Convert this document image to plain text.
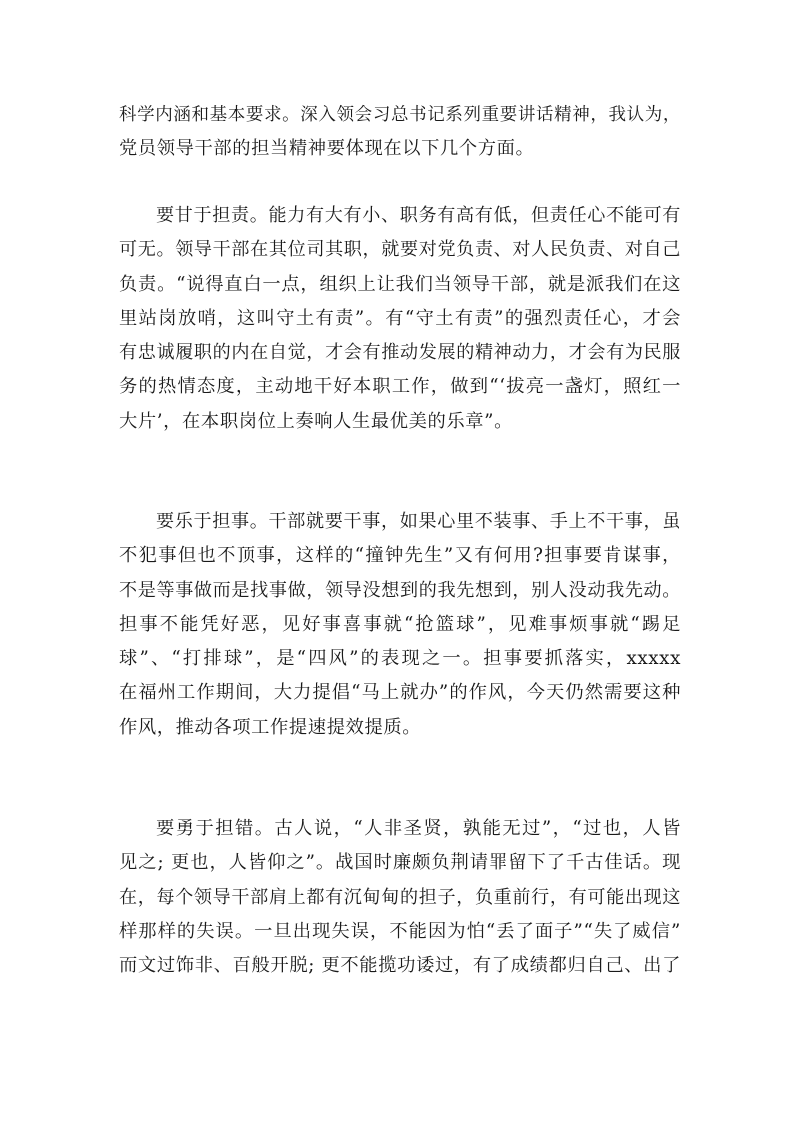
科学内涵和基本要求。深入领会习总书记系列重要讲话精神，我认为，
党员领导干部的担当精神要体现在以下几个方面。
要甘于担责。能力有大有小、职务有高有低，但责任心不能可有
可无。领导干部在其位司其职，就要对党负责、对人民负责、对自己
负责。“说得直白一点，组织上让我们当领导干部，就是派我们在这
里站岗放哨，这叫守土有责”。有“守土有责”的强烈责任心，才会
有忠诚履职的内在自觉，才会有推动发展的精神动力，才会有为民服
务的热情态度，主动地干好本职工作，做到“‘拔亮一盏灯，照红一
大片’，在本职岗位上奏响人生最优美的乐章”。
要乐于担事。干部就要干事，如果心里不装事、手上不干事，虽
不犯事但也不顶事，这样的“撞钟先生”又有何用?担事要肯谋事，
不是等事做而是找事做，领导没想到的我先想到，别人没动我先动。
担事不能凭好恶，见好事喜事就“抢篮球”，见难事烦事就“踢足
球”、“打排球”，是“四风”的表现之一。担事要抓落实，xxxxx
在福州工作期间，大力提倡“马上就办”的作风，今天仍然需要这种
作风，推动各项工作提速提效提质。
要勇于担错。古人说，“人非圣贤，孰能无过”，“过也，人皆
见之; 更也，人皆仰之”。战国时廉颇负荆请罪留下了千古佳话。现
在，每个领导干部肩上都有沉甸甸的担子，负重前行，有可能出现这
样那样的失误。一旦出现失误，不能因为怕“丢了面子”“失了威信”
而文过饰非、百般开脱; 更不能揽功诿过，有了成绩都归自己、出了
